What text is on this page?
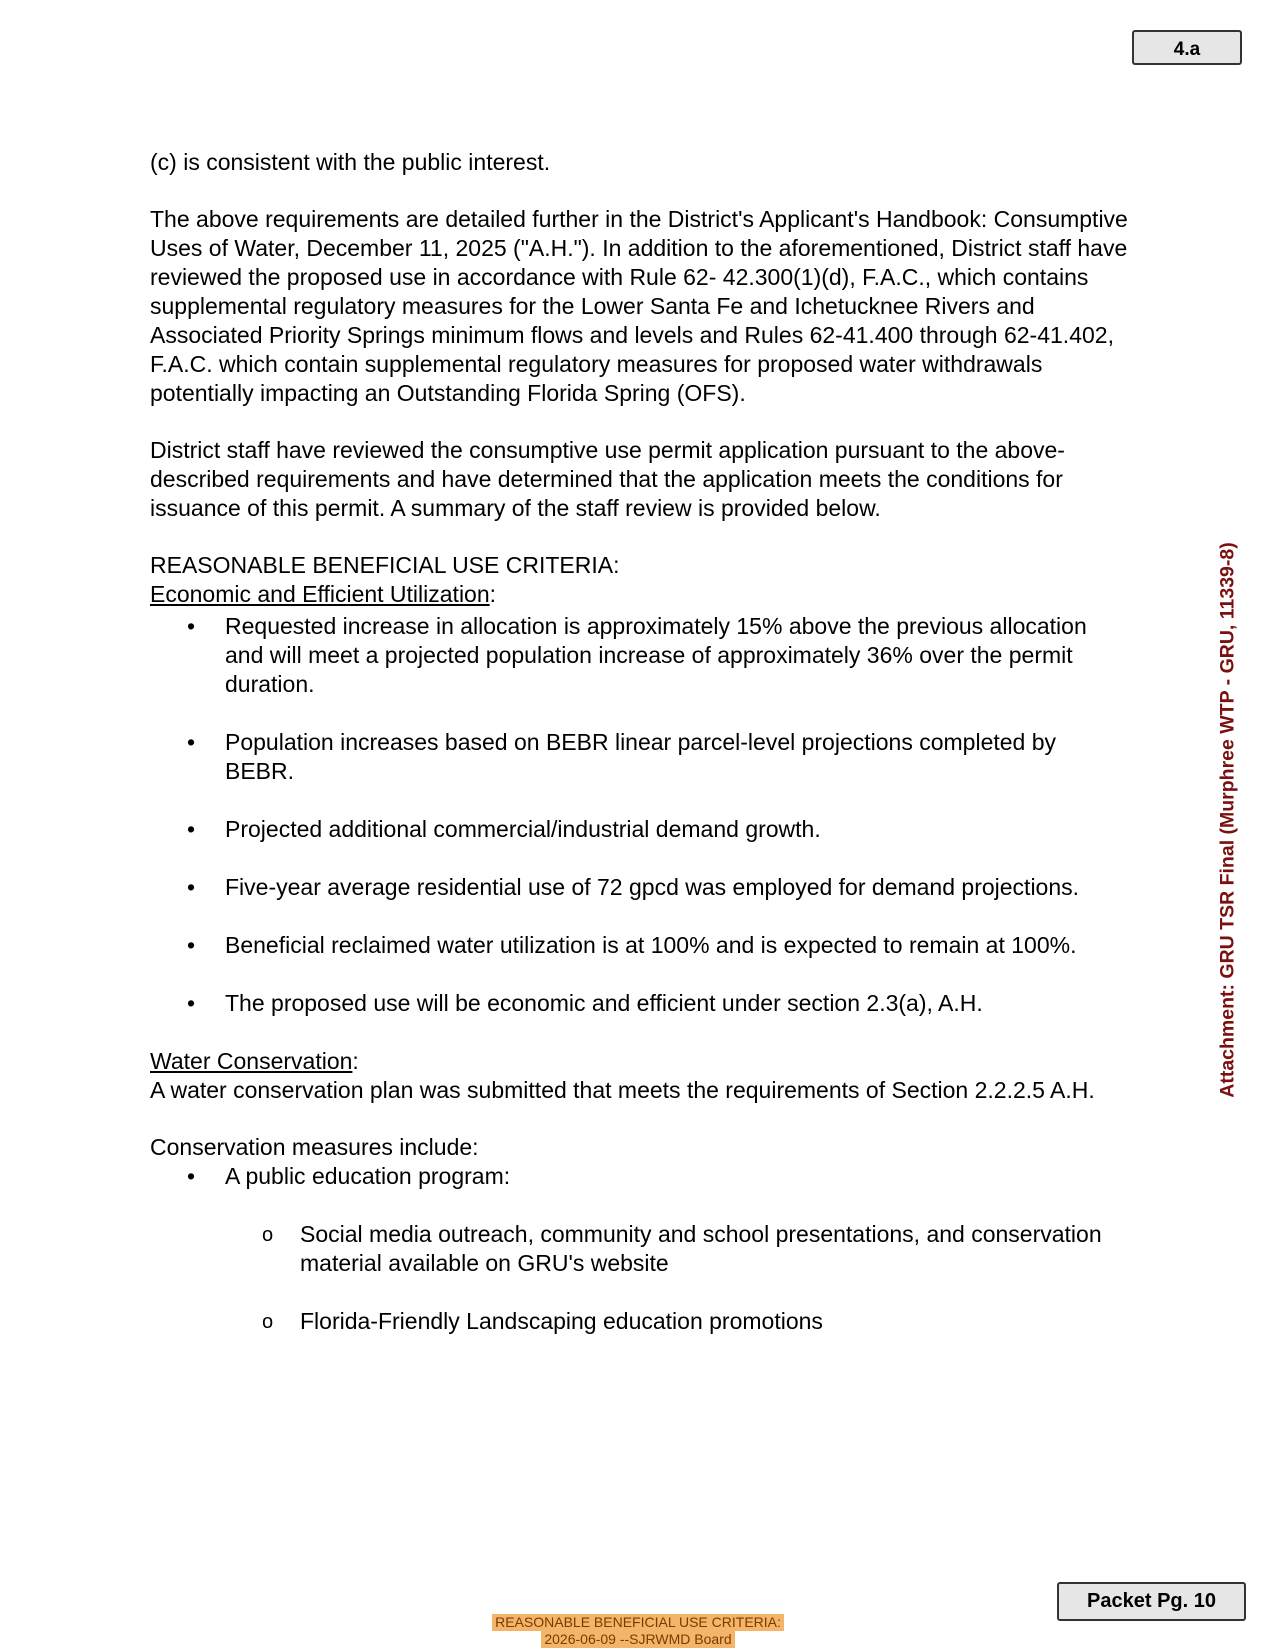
4.a

(c) is consistent with the public interest.

The above requirements are detailed further in the District's Applicant's Handbook: Consumptive Uses of Water, December 11, 2025 ("A.H."). In addition to the aforementioned, District staff have reviewed the proposed use in accordance with Rule 62- 42.300(1)(d), F.A.C., which contains supplemental regulatory measures for the Lower Santa Fe and Ichetucknee Rivers and Associated Priority Springs minimum flows and levels and Rules 62-41.400 through 62-41.402, F.A.C. which contain supplemental regulatory measures for proposed water withdrawals potentially impacting an Outstanding Florida Spring (OFS).

District staff have reviewed the consumptive use permit application pursuant to the above-described requirements and have determined that the application meets the conditions for issuance of this permit. A summary of the staff review is provided below.

REASONABLE BENEFICIAL USE CRITERIA:
Economic and Efficient Utilization:
• Requested increase in allocation is approximately 15% above the previous allocation and will meet a projected population increase of approximately 36% over the permit duration.
• Population increases based on BEBR linear parcel-level projections completed by BEBR.
• Projected additional commercial/industrial demand growth.
• Five-year average residential use of 72 gpcd was employed for demand projections.
• Beneficial reclaimed water utilization is at 100% and is expected to remain at 100%.
• The proposed use will be economic and efficient under section 2.3(a), A.H.
Water Conservation:

A water conservation plan was submitted that meets the requirements of Section 2.2.2.5 A.H.

Conservation measures include:
• A public education program:
o Social media outreach, community and school presentations, and conservation material available on GRU's website
o Florida-Friendly Landscaping education promotions
Attachment: GRU TSR Final (Murphree WTP - GRU, 11339-8)
Packet Pg. 10
REASONABLE BENEFICIAL USE CRITERIA:
2026-06-09 --SJRWMD Board
